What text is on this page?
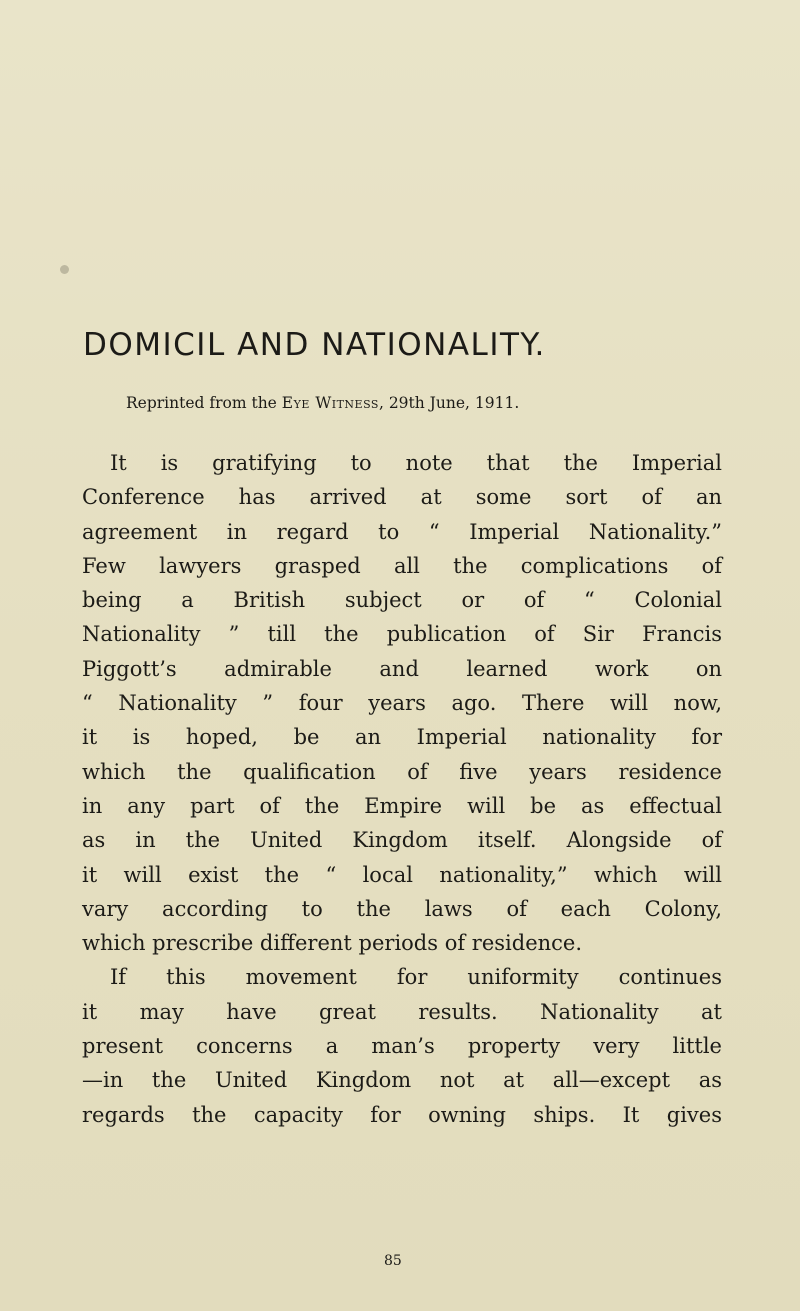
DOMICIL AND NATIONALITY.

Reprinted from the Eye Witness, 29th June, 1911.

It is gratifying to note that the Imperial
Conference has arrived at some sort of an
agreement in regard to “ Imperial Nationality.”
Few lawyers grasped all the complications of
being a British subject or of “ Colonial
Nationality ” till the publication of Sir Francis
Piggott’s admirable and learned work on
“ Nationality ” four years ago. There will now,
it is hoped, be an Imperial nationality for
which the qualification of five years residence
in any part of the Empire will be as effectual
as in the United Kingdom itself. Alongside of
it will exist the “ local nationality,” which will
vary according to the laws of each Colony,
which prescribe different periods of residence.

If this movement for uniformity continues
it may have great results. Nationality at
present concerns a man’s property very little
—in the United Kingdom not at all—except as
regards the capacity for owning ships. It gives

85
